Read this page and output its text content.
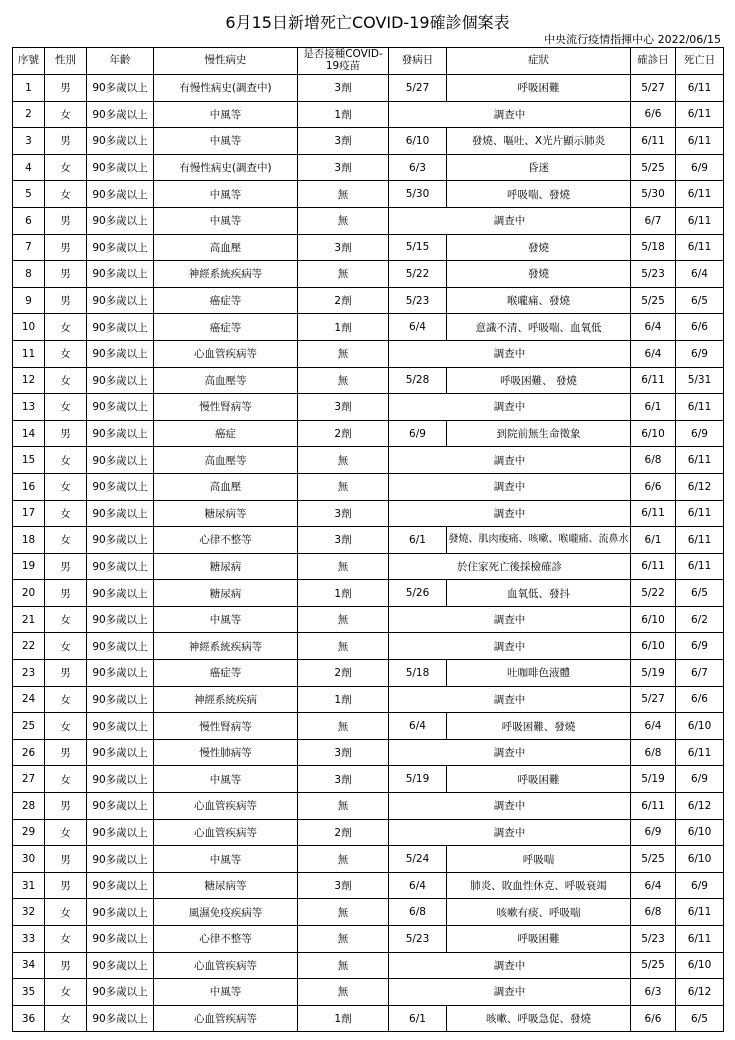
6月15日新增死亡COVID-19確診個案表
中央流行疫情指揮中心 2022/06/15
序號	性別	年齡	慢性病史	是否接種COVID-19疫苗	發病日	症狀	確診日	死亡日
1	男	90多歲以上	有慢性病史(調查中)	3劑	5/27	呼吸困難	5/27	6/11
2	女	90多歲以上	中風等	1劑	調查中		6/6	6/11
3	男	90多歲以上	中風等	3劑	6/10	發燒、嘔吐、X光片顯示肺炎	6/11	6/11
4	女	90多歲以上	有慢性病史(調查中)	3劑	6/3	昏迷	5/25	6/9
5	女	90多歲以上	中風等	無	5/30	呼吸喘、發燒	5/30	6/11
6	男	90多歲以上	中風等	無	調查中		6/7	6/11
7	男	90多歲以上	高血壓	3劑	5/15	發燒	5/18	6/11
8	男	90多歲以上	神經系統疾病等	無	5/22	發燒	5/23	6/4
9	男	90多歲以上	癌症等	2劑	5/23	喉嚨痛、發燒	5/25	6/5
10	女	90多歲以上	癌症等	1劑	6/4	意識不清、呼吸喘、血氧低	6/4	6/6
11	女	90多歲以上	心血管疾病等	無	調查中		6/4	6/9
12	女	90多歲以上	高血壓等	無	5/28	呼吸困難、 發燒	6/11	5/31
13	女	90多歲以上	慢性腎病等	3劑	調查中		6/1	6/11
14	男	90多歲以上	癌症	2劑	6/9	到院前無生命徵象	6/10	6/9
15	女	90多歲以上	高血壓等	無	調查中		6/8	6/11
16	女	90多歲以上	高血壓	無	調查中		6/6	6/12
17	女	90多歲以上	糖尿病等	3劑	調查中		6/11	6/11
18	女	90多歲以上	心律不整等	3劑	6/1	發燒、肌肉痠痛、咳嗽、喉嚨痛、流鼻水	6/1	6/11
19	男	90多歲以上	糖尿病	無	於住家死亡後採檢確診		6/11	6/11
20	男	90多歲以上	糖尿病	1劑	5/26	血氧低、發抖	5/22	6/5
21	女	90多歲以上	中風等	無	調查中		6/10	6/2
22	女	90多歲以上	神經系統疾病等	無	調查中		6/10	6/9
23	男	90多歲以上	癌症等	2劑	5/18	吐咖啡色液體	5/19	6/7
24	女	90多歲以上	神經系統疾病	1劑	調查中		5/27	6/6
25	女	90多歲以上	慢性腎病等	無	6/4	呼吸困難、發燒	6/4	6/10
26	男	90多歲以上	慢性肺病等	3劑	調查中		6/8	6/11
27	女	90多歲以上	中風等	3劑	5/19	呼吸困難	5/19	6/9
28	男	90多歲以上	心血管疾病等	無	調查中		6/11	6/12
29	女	90多歲以上	心血管疾病等	2劑	調查中		6/9	6/10
30	男	90多歲以上	中風等	無	5/24	呼吸喘	5/25	6/10
31	男	90多歲以上	糖尿病等	3劑	6/4	肺炎、敗血性休克、呼吸衰竭	6/4	6/9
32	女	90多歲以上	風濕免疫疾病等	無	6/8	咳嗽有痰、呼吸喘	6/8	6/11
33	女	90多歲以上	心律不整等	無	5/23	呼吸困難	5/23	6/11
34	男	90多歲以上	心血管疾病等	無	調查中		5/25	6/10
35	女	90多歲以上	中風等	無	調查中		6/3	6/12
36	女	90多歲以上	心血管疾病等	1劑	6/1	咳嗽、呼吸急促、發燒	6/6	6/5
